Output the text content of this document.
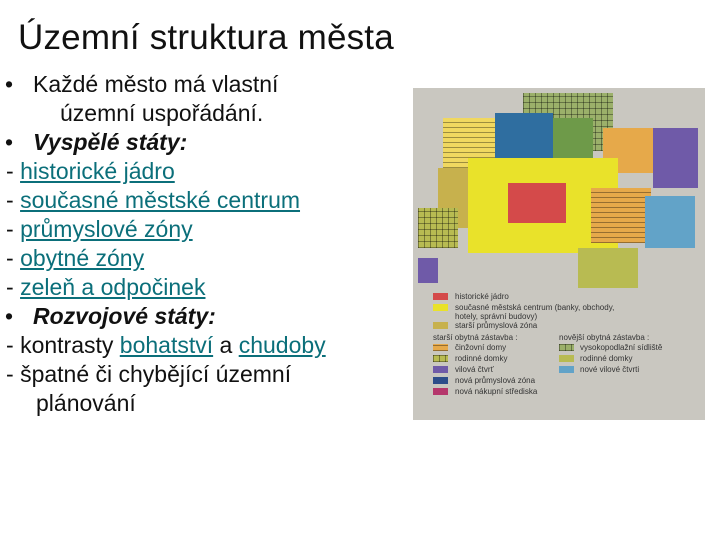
Územní struktura města
• Každé město má vlastní
územní uspořádání.
• Vyspělé státy:
- historické jádro
- současné městské centrum
- průmyslové zóny
- obytné zóny
- zeleň a odpočinek
• Rozvojové státy:
- kontrasty bohatství a chudoby
- špatné či chybějící územní
plánování
historické jádro
současné městská centrum (banky, obchody,
hotely, správní budovy)
starší průmyslová zóna
starší obytná zástavba :	novější obytná zástavba :
činžovní domy	vysokopodlažní sídliště
rodinné domky	rodinné domky
vilová čtvrť	nové vilové čtvrti
nová průmyslová zóna
nová nákupní střediska
